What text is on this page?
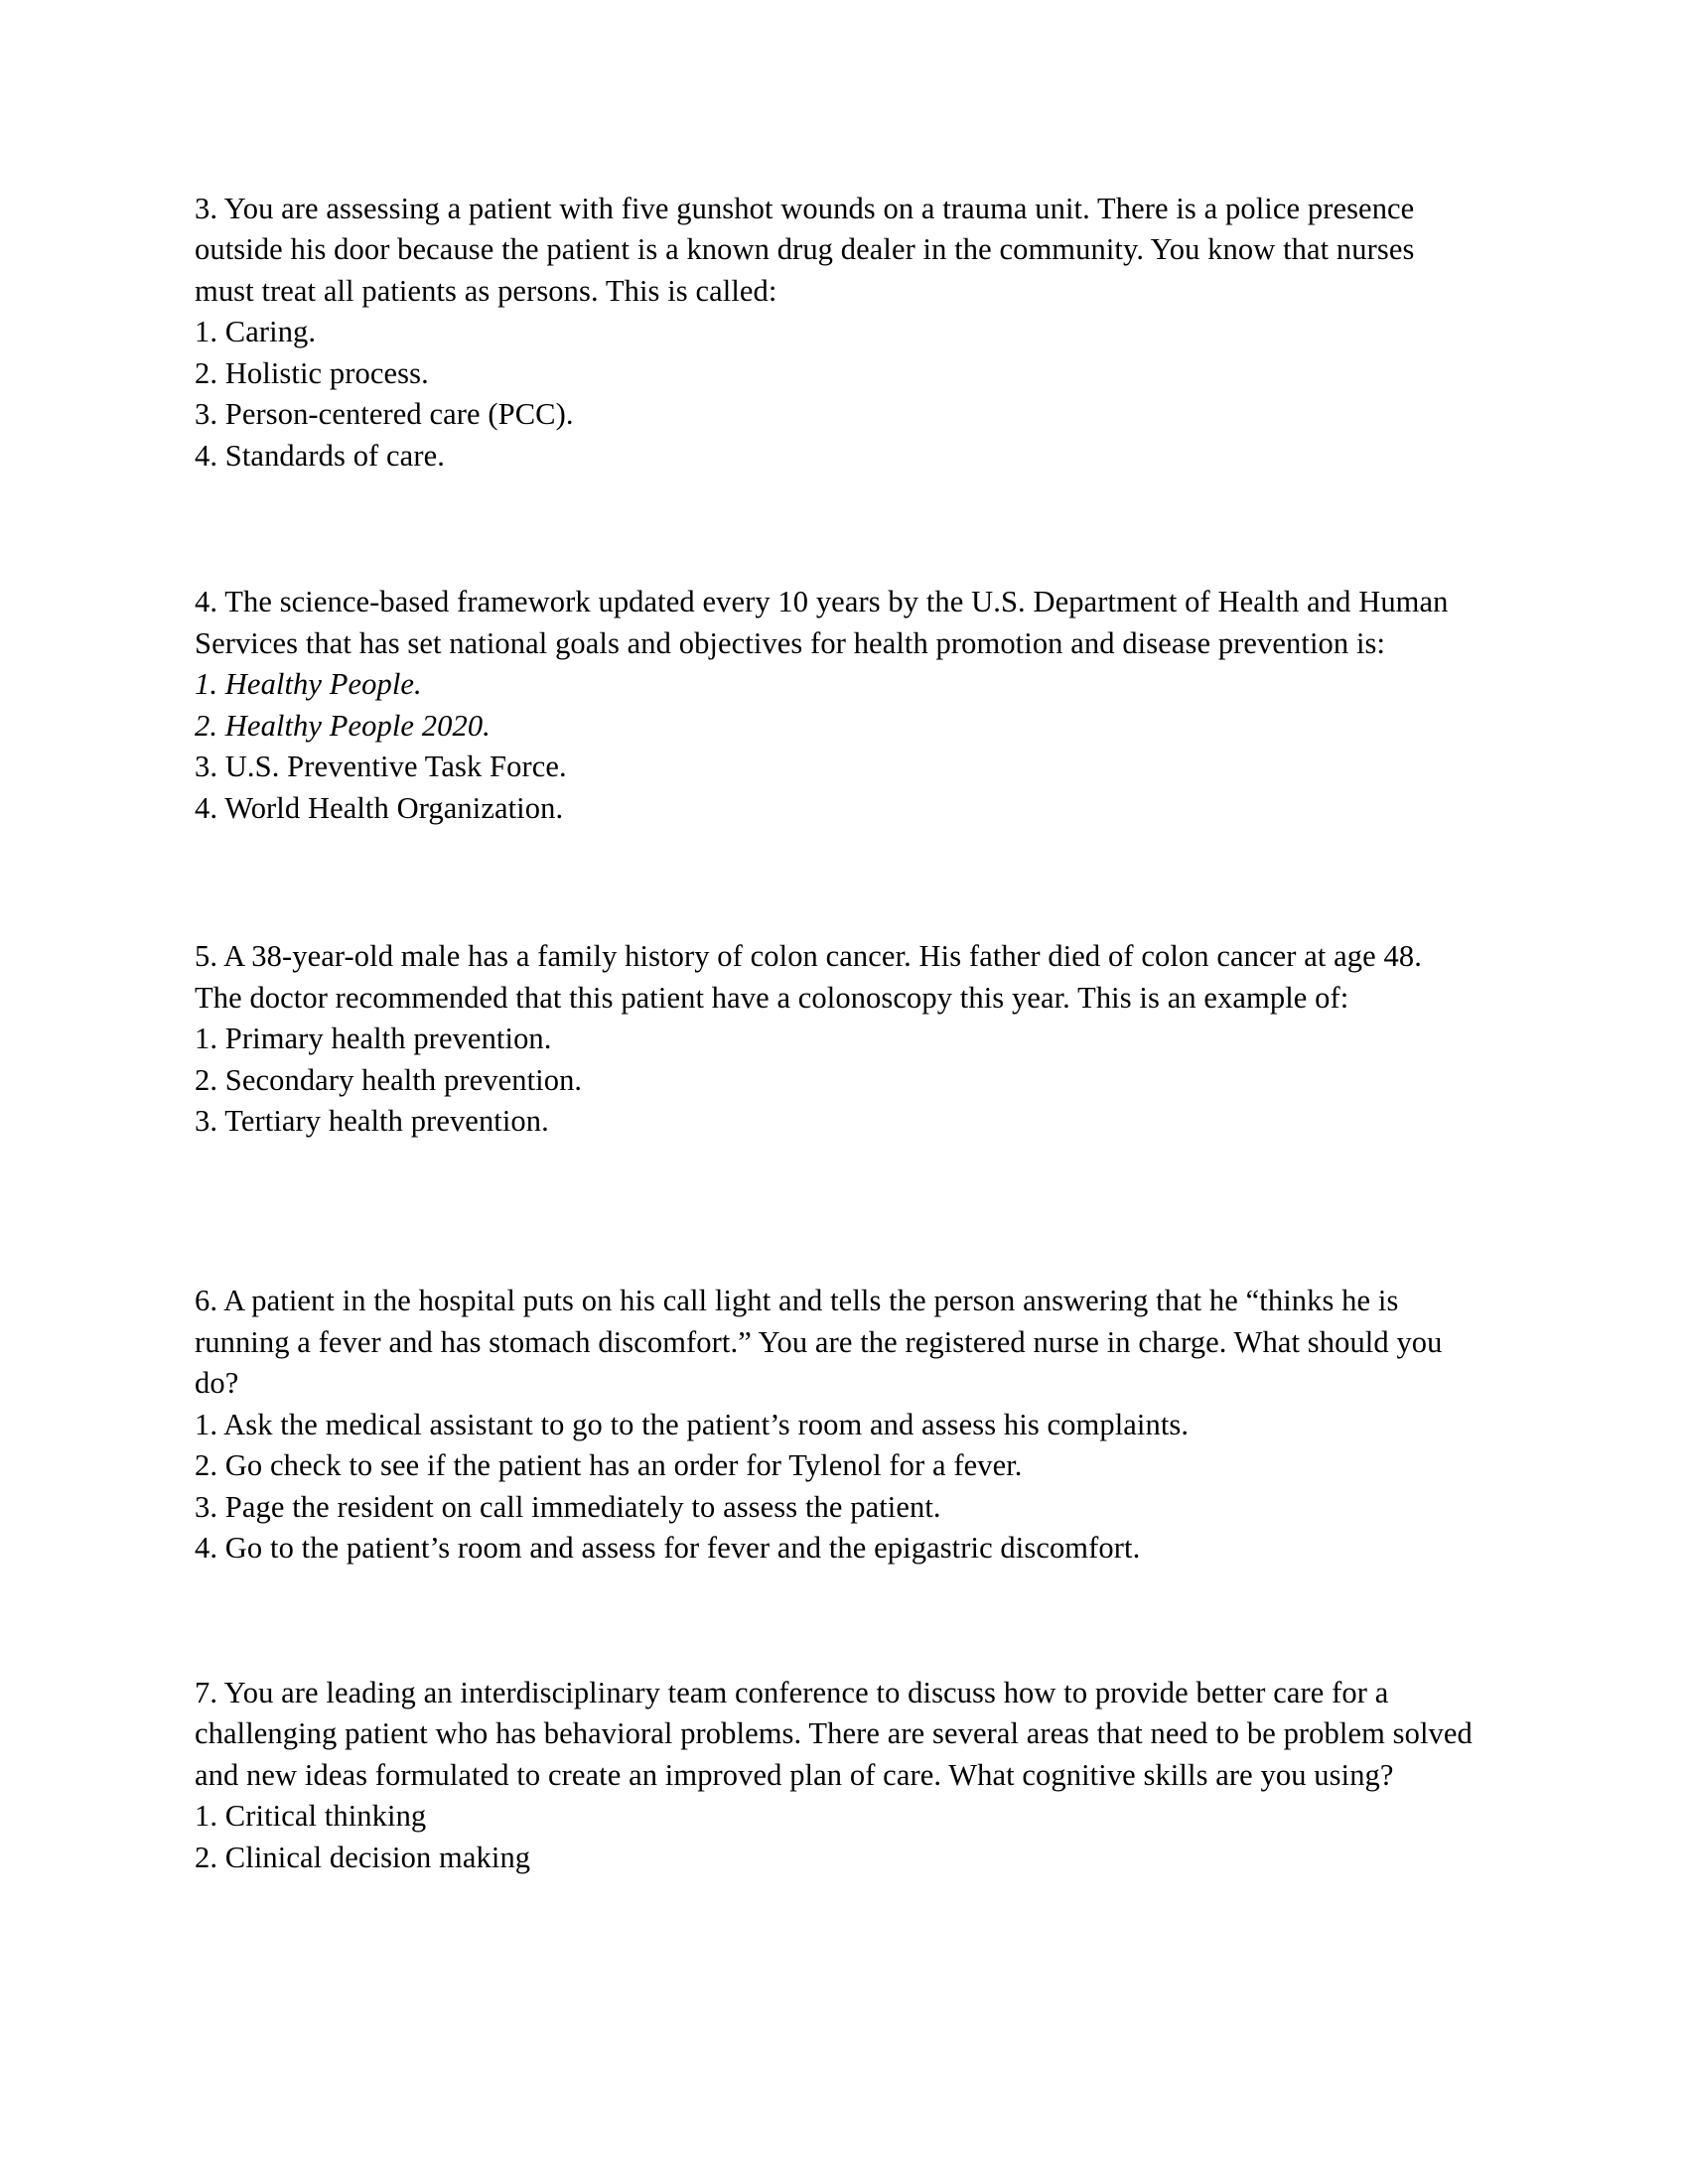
3. You are assessing a patient with five gunshot wounds on a trauma unit. There is a police presence outside his door because the patient is a known drug dealer in the community. You know that nurses must treat all patients as persons. This is called:

1. Caring.

2. Holistic process.

3. Person-centered care (PCC).

4. Standards of care.

4. The science-based framework updated every 10 years by the U.S. Department of Health and Human Services that has set national goals and objectives for health promotion and disease prevention is:

1. Healthy People.

2. Healthy People 2020.

3. U.S. Preventive Task Force.

4. World Health Organization.

5. A 38-year-old male has a family history of colon cancer. His father died of colon cancer at age 48. The doctor recommended that this patient have a colonoscopy this year. This is an example of:

1. Primary health prevention.

2. Secondary health prevention.

3. Tertiary health prevention.

6. A patient in the hospital puts on his call light and tells the person answering that he “thinks he is running a fever and has stomach discomfort.” You are the registered nurse in charge. What should you do?

1. Ask the medical assistant to go to the patient’s room and assess his complaints.

2. Go check to see if the patient has an order for Tylenol for a fever.

3. Page the resident on call immediately to assess the patient.

4. Go to the patient’s room and assess for fever and the epigastric discomfort.

7. You are leading an interdisciplinary team conference to discuss how to provide better care for a challenging patient who has behavioral problems. There are several areas that need to be problem solved and new ideas formulated to create an improved plan of care. What cognitive skills are you using?

1. Critical thinking

2. Clinical decision making
